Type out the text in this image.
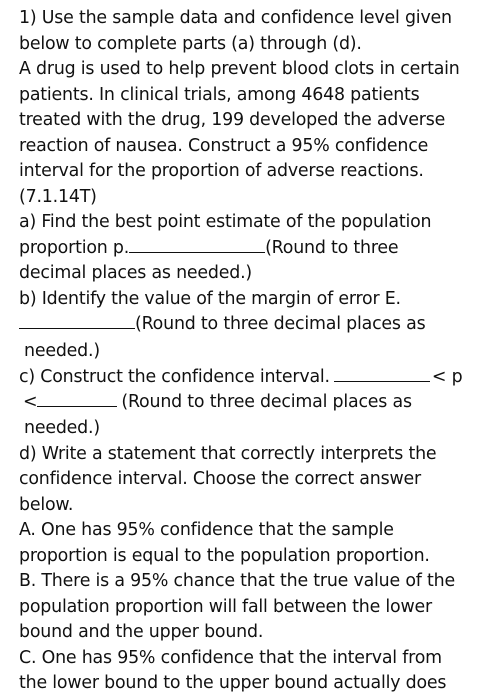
1) Use the sample data and confidence level given
below to complete parts (a) through (d).
A drug is used to help prevent blood clots in certain
patients. In clinical trials, among 4648 patients
treated with the drug, 199 developed the adverse
reaction of nausea. Construct a 95% confidence
interval for the proportion of adverse reactions.
(7.1.14T)
a) Find the best point estimate of the population
proportion p.	(Round to three
decimal places as needed.)
b) Identify the value of the margin of error E.
(Round to three decimal places as
needed.)
c) Construct the confidence interval.	< p
<	(Round to three decimal places as
needed.)
d) Write a statement that correctly interprets the
confidence interval. Choose the correct answer
below.
A. One has 95% confidence that the sample
proportion is equal to the population proportion.
B. There is a 95% chance that the true value of the
population proportion will fall between the lower
bound and the upper bound.
C. One has 95% confidence that the interval from
the lower bound to the upper bound actually does
